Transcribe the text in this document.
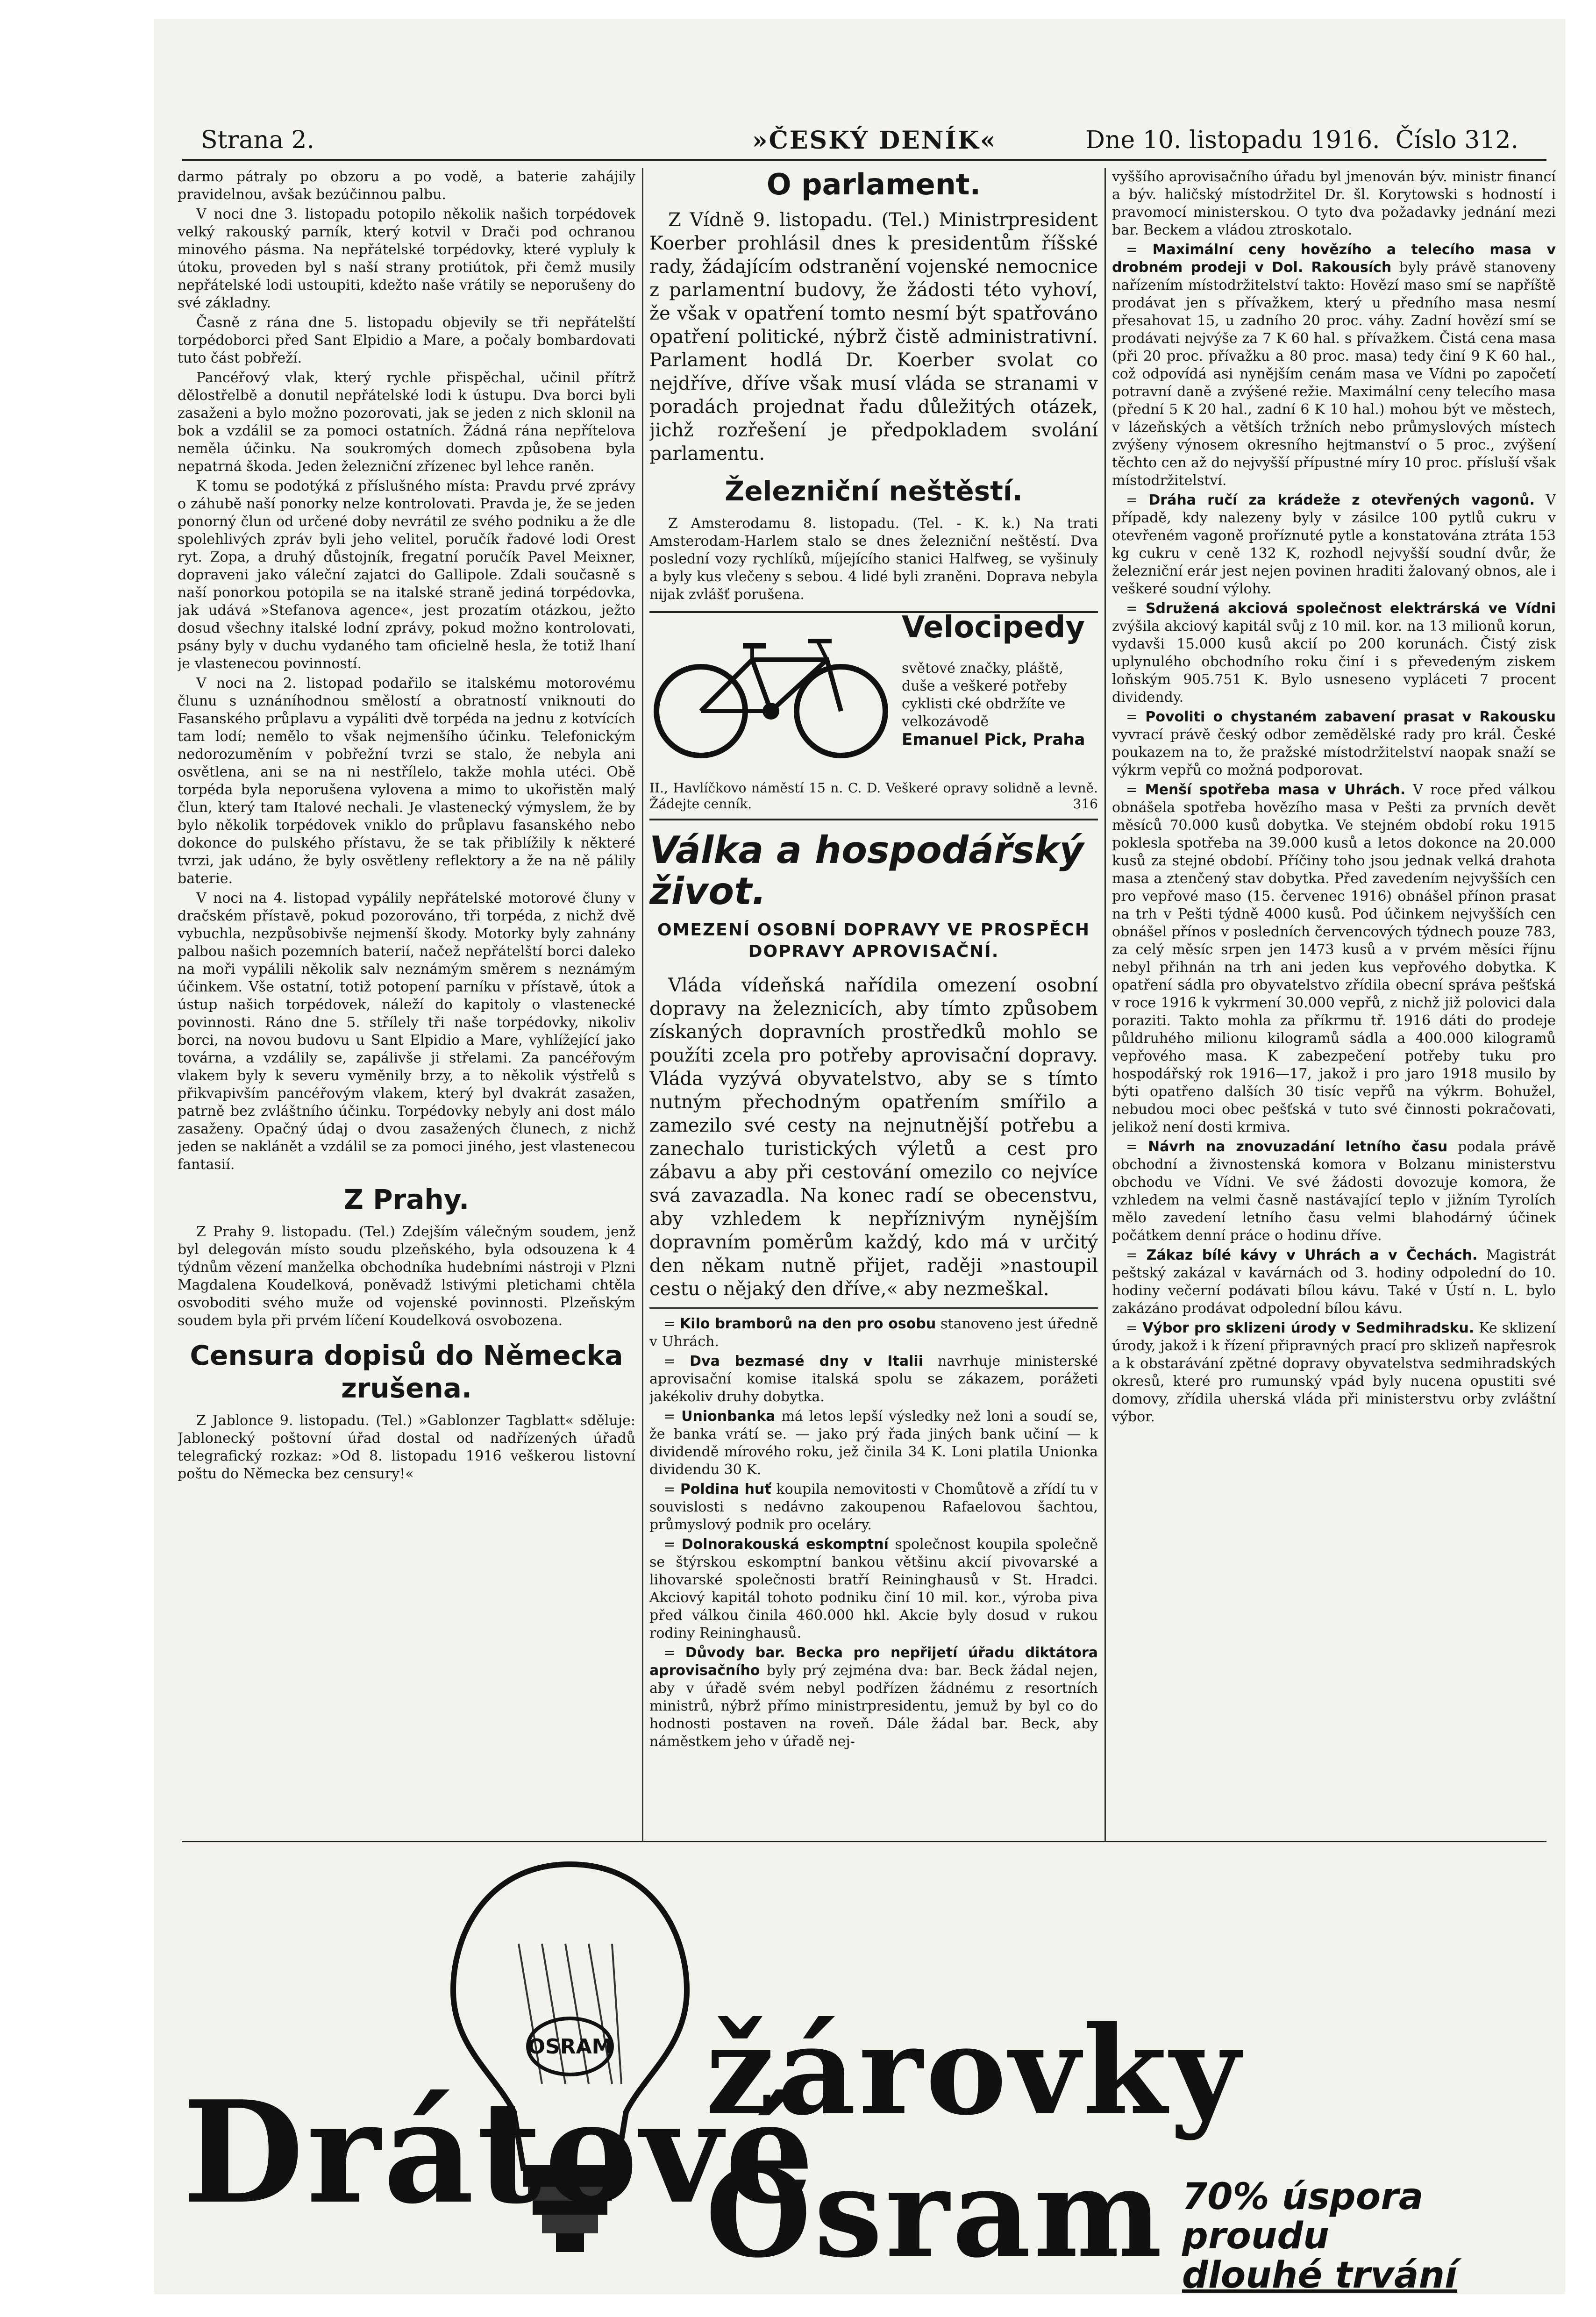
Strana 2.	»ČESKÝ DENÍK«	Dne 10. listopadu 1916. Číslo 312.

darmo pátraly po obzoru a po vodě, a baterie zahájily pravidelnou, avšak bezúčinnou palbu.

V noci dne 3. listopadu potopilo několik našich torpédovek velký rakouský parník, který kotvil v Drači pod ochranou minového pásma. Na nepřátelské torpédovky, které vypluly k útoku, proveden byl s naší strany protiútok, při čemž musily nepřátelské lodi ustoupiti, kdežto naše vrátily se neporušeny do své základny.

Časně z rána dne 5. listopadu objevily se tři nepřátelští torpédoborci před Sant Elpidio a Mare, a počaly bombardovati tuto část pobřeží.

Pancéřový vlak, který rychle přispěchal, učinil přítrž dělostřelbě a donutil nepřátelské lodi k ústupu. Dva borci byli zasaženi a bylo možno pozorovati, jak se jeden z nich sklonil na bok a vzdálil se za pomoci ostatních. Žádná rána nepřítelova neměla účinku. Na soukromých domech způsobena byla nepatrná škoda. Jeden železniční zřízenec byl lehce raněn.

K tomu se podotýká z příslušného místa: Pravdu prvé zprávy o záhubě naší ponorky nelze kontrolovati. Pravda je, že se jeden ponorný člun od určené doby nevrátil ze svého podniku a že dle spolehlivých zpráv byli jeho velitel, poručík řadové lodi Orest ryt. Zopa, a druhý důstojník, fregatní poručík Pavel Meixner, dopraveni jako váleční zajatci do Gallipole. Zdali současně s naší ponorkou potopila se na italské straně jediná torpédovka, jak udává »Stefanova agence«, jest prozatím otázkou, ježto dosud všechny italské lodní zprávy, pokud možno kontrolovati, psány byly v duchu vydaného tam oficielně hesla, že totiž lhaní je vlastenecou povinností.

V noci na 2. listopad podařilo se italskému motorovému člunu s uznáníhodnou smělostí a obratností vniknouti do Fasanského průplavu a vypáliti dvě torpéda na jednu z kotvících tam lodí; nemělo to však nejmenšího účinku. Telefonickým nedorozuměním v pobřežní tvrzi se stalo, že nebyla ani osvětlena, ani se na ni nestřílelo, takže mohla utéci. Obě torpéda byla neporušena vylovena a mimo to ukořistěn malý člun, který tam Italové nechali. Je vlastenecký výmyslem, že by bylo několik torpédovek vniklo do průplavu fasanského nebo dokonce do pulského přístavu, že se tak přiblížily k některé tvrzi, jak udáno, že byly osvětleny reflektory a že na ně pálily baterie.

V noci na 4. listopad vypálily nepřátelské motorové čluny v dračském přístavě, pokud pozorováno, tři torpéda, z nichž dvě vybuchla, nezpůsobivše nejmenší škody. Motorky byly zahnány palbou našich pozemních baterií, načež nepřátelští borci daleko na moři vypálili několik salv neznámým směrem s neznámým účinkem. Vše ostatní, totiž potopení parníku v přístavě, útok a ústup našich torpédovek, náleží do kapitoly o vlastenecké povinnosti. Ráno dne 5. střílely tři naše torpédovky, nikoliv borci, na novou budovu u Sant Elpidio a Mare, vyhlížející jako továrna, a vzdálily se, zapálivše ji střelami. Za pancéřovým vlakem byly k severu vyměnily brzy, a to několik výstřelů s přikvapivším pancéřovým vlakem, který byl dvakrát zasažen, patrně bez zvláštního účinku. Torpédovky nebyly ani dost málo zasaženy. Opačný údaj o dvou zasažených člunech, z nichž jeden se naklánět a vzdálil se za pomoci jiného, jest vlastenecou fantasií.

Z Prahy.

Z Prahy 9. listopadu. (Tel.) Zdejším válečným soudem, jenž byl delegován místo soudu plzeňského, byla odsouzena k 4 týdnům vězení manželka obchodníka hudebními nástroji v Plzni Magdalena Koudelková, poněvadž lstivými pletichami chtěla osvoboditi svého muže od vojenské povinnosti. Plzeňským soudem byla při prvém líčení Koudelková osvobozena.

Censura dopisů do Německa zrušena.

Z Jablonce 9. listopadu. (Tel.) »Gablonzer Tagblatt« sděluje: Jablonecký poštovní úřad dostal od nadřízených úřadů telegrafický rozkaz: »Od 8. listopadu 1916 veškerou listovní poštu do Německa bez censury!«

O parlament.

Z Vídně 9. listopadu. (Tel.) Ministrpresident Koerber prohlásil dnes k presidentům říšské rady, žádajícím odstranění vojenské nemocnice z parlamentní budovy, že žádosti této vyhoví, že však v opatření tomto nesmí být spatřováno opatření politické, nýbrž čistě administrativní. Parlament hodlá Dr. Koerber svolat co nejdříve, dříve však musí vláda se stranami v poradách projednat řadu důležitých otázek, jichž rozřešení je předpokladem svolání parlamentu.

Železniční neštěstí.

Z Amsterodamu 8. listopadu. (Tel. - K. k.) Na trati Amsterodam-Harlem stalo se dnes železniční neštěstí. Dva poslední vozy rychlíků, míjejícího stanici Halfweg, se vyšinuly a byly kus vlečeny s sebou. 4 lidé byli zraněni. Doprava nebyla nijak zvlášť porušena.

Velocipedy
světové značky, pláště, duše a veškeré potřeby cyklisti cké obdržíte ve velkozávodě
Emanuel Pick, Praha
II., Havlíčkovo náměstí 15 n. C. D. Veškeré opravy solidně a levně. Žádejte cenník.	316
Válka a hospodářský život.
OMEZENÍ OSOBNÍ DOPRAVY VE PROSPĚCH DOPRAVY APROVISAČNÍ.

Vláda vídeňská nařídila omezení osobní dopravy na železnicích, aby tímto způsobem získaných dopravních prostředků mohlo se použíti zcela pro potřeby aprovisační dopravy. Vláda vyzývá obyvatelstvo, aby se s tímto nutným přechodným opatřením smířilo a zamezilo své cesty na nejnutnější potřebu a zanechalo turistických výletů a cest pro zábavu a aby při cestování omezilo co nejvíce svá zavazadla. Na konec radí se obecenstvu, aby vzhledem k nepříznivým nynějším dopravním poměrům každý, kdo má v určitý den někam nutně přijet, raději »nastoupil cestu o nějaký den dříve,« aby nezmeškal.

= Kilo bramborů na den pro osobu stanoveno jest úředně v Uhrách.

= Dva bezmasé dny v Italii navrhuje ministerské aprovisační komise italská spolu se zákazem, porážeti jakékoliv druhy dobytka.

= Unionbanka má letos lepší výsledky než loni a soudí se, že banka vrátí se. — jako prý řada jiných bank učiní — k dividendě mírového roku, jež činila 34 K. Loni platila Unionka dividendu 30 K.

= Poldina huť koupila nemovitosti v Chomůtově a zřídí tu v souvislosti s nedávno zakoupenou Rafaelovou šachtou, průmyslový podnik pro oceláry.

= Dolnorakouská eskomptní společnost koupila společně se štýrskou eskomptní bankou většinu akcií pivovarské a lihovarské společnosti bratří Reininghausů v St. Hradci. Akciový kapitál tohoto podniku činí 10 mil. kor., výroba piva před válkou činila 460.000 hkl. Akcie byly dosud v rukou rodiny Reininghausů.

= Důvody bar. Becka pro nepřijetí úřadu diktátora aprovisačního byly prý zejména dva: bar. Beck žádal nejen, aby v úřadě svém nebyl podřízen žádnému z resortních ministrů, nýbrž přímo ministrpresidentu, jemuž by byl co do hodnosti postaven na roveň. Dále žádal bar. Beck, aby náměstkem jeho v úřadě nej-

vyššího aprovisačního úřadu byl jmenován býv. ministr financí a býv. haličský místodržitel Dr. šl. Korytowski s hodností i pravomocí ministerskou. O tyto dva požadavky jednání mezi bar. Beckem a vládou ztroskotalo.

= Maximální ceny hovězího a telecího masa v drobném prodeji v Dol. Rakousích byly právě stanoveny nařízením místodržitelství takto: Hovězí maso smí se napříště prodávat jen s přívažkem, který u předního masa nesmí přesahovat 15, u zadního 20 proc. váhy. Zadní hovězí smí se prodávati nejvýše za 7 K 60 hal. s přívažkem. Čistá cena masa (při 20 proc. přívažku a 80 proc. masa) tedy činí 9 K 60 hal., což odpovídá asi nynějším cenám masa ve Vídni po započetí potravní daně a zvýšené režie. Maximální ceny telecího masa (přední 5 K 20 hal., zadní 6 K 10 hal.) mohou být ve městech, v lázeňských a větších tržních nebo průmyslových místech zvýšeny výnosem okresního hejtmanství o 5 proc., zvýšení těchto cen až do nejvyšší přípustné míry 10 proc. přísluší však místodržitelství.

= Dráha ručí za krádeže z otevřených vagonů. V případě, kdy nalezeny byly v zásilce 100 pytlů cukru v otevřeném vagoně proříznuté pytle a konstatována ztráta 153 kg cukru v ceně 132 K, rozhodl nejvyšší soudní dvůr, že železniční erár jest nejen povinen hraditi žalovaný obnos, ale i veškeré soudní výlohy.

= Sdružená akciová společnost elektrárská ve Vídni zvýšila akciový kapitál svůj z 10 mil. kor. na 13 milionů korun, vydavši 15.000 kusů akcií po 200 korunách. Čistý zisk uplynulého obchodního roku činí i s převedeným ziskem loňským 905.751 K. Bylo usneseno vypláceti 7 procent dividendy.

= Povoliti o chystaném zabavení prasat v Rakousku vyvrací právě český odbor zemědělské rady pro král. České poukazem na to, že pražské místodržitelství naopak snaží se výkrm vepřů co možná podporovat.

= Menší spotřeba masa v Uhrách. V roce před válkou obnášela spotřeba hovězího masa v Pešti za prvních devět měsíců 70.000 kusů dobytka. Ve stejném období roku 1915 poklesla spotřeba na 39.000 kusů a letos dokonce na 20.000 kusů za stejné období. Příčiny toho jsou jednak velká drahota masa a ztenčený stav dobytka. Před zavedením nejvyšších cen pro vepřové maso (15. červenec 1916) obnášel přínon prasat na trh v Pešti týdně 4000 kusů. Pod účinkem nejvyšších cen obnášel přínos v posledních červencových týdnech pouze 783, za celý měsíc srpen jen 1473 kusů a v prvém měsíci říjnu nebyl přihnán na trh ani jeden kus vepřového dobytka. K opatření sádla pro obyvatelstvo zřídila obecní správa pešťská v roce 1916 k vykrmení 30.000 vepřů, z nichž již polovici dala poraziti. Takto mohla za příkrmu tř. 1916 dáti do prodeje půldruhého milionu kilogramů sádla a 400.000 kilogramů vepřového masa. K zabezpečení potřeby tuku pro hospodářský rok 1916—17, jakož i pro jaro 1918 musilo by býti opatřeno dalších 30 tisíc vepřů na výkrm. Bohužel, nebudou moci obec pešťská v tuto své činnosti pokračovati, jelikož není dosti krmiva.

= Návrh na znovuzadání letního času podala právě obchodní a živnostenská komora v Bolzanu ministerstvu obchodu ve Vídni. Ve své žádosti dovozuje komora, že vzhledem na velmi časně nastávající teplo v jižním Tyrolích mělo zavedení letního času velmi blahodárný účinek počátkem denní práce o hodinu dříve.

= Zákaz bílé kávy v Uhrách a v Čechách. Magistrát peštský zakázal v kavárnách od 3. hodiny odpolední do 10. hodiny večerní podávati bílou kávu. Také v Ústí n. L. bylo zakázáno prodávat odpolední bílou kávu.

= Výbor pro sklizeni úrody v Sedmihradsku. Ke sklizení úrody, jakož i k řízení připravných prací pro sklizeň napřesrok a k obstarávání zpětné dopravy obyvatelstva sedmihradských okresů, které pro rumunský vpád byly nucena opustiti své domovy, zřídila uherská vláda při ministerstvu orby zvláštní výbor.

OSRAM
Drátové
žárovky Osram 70% úspora proudu
dlouhé trvání
